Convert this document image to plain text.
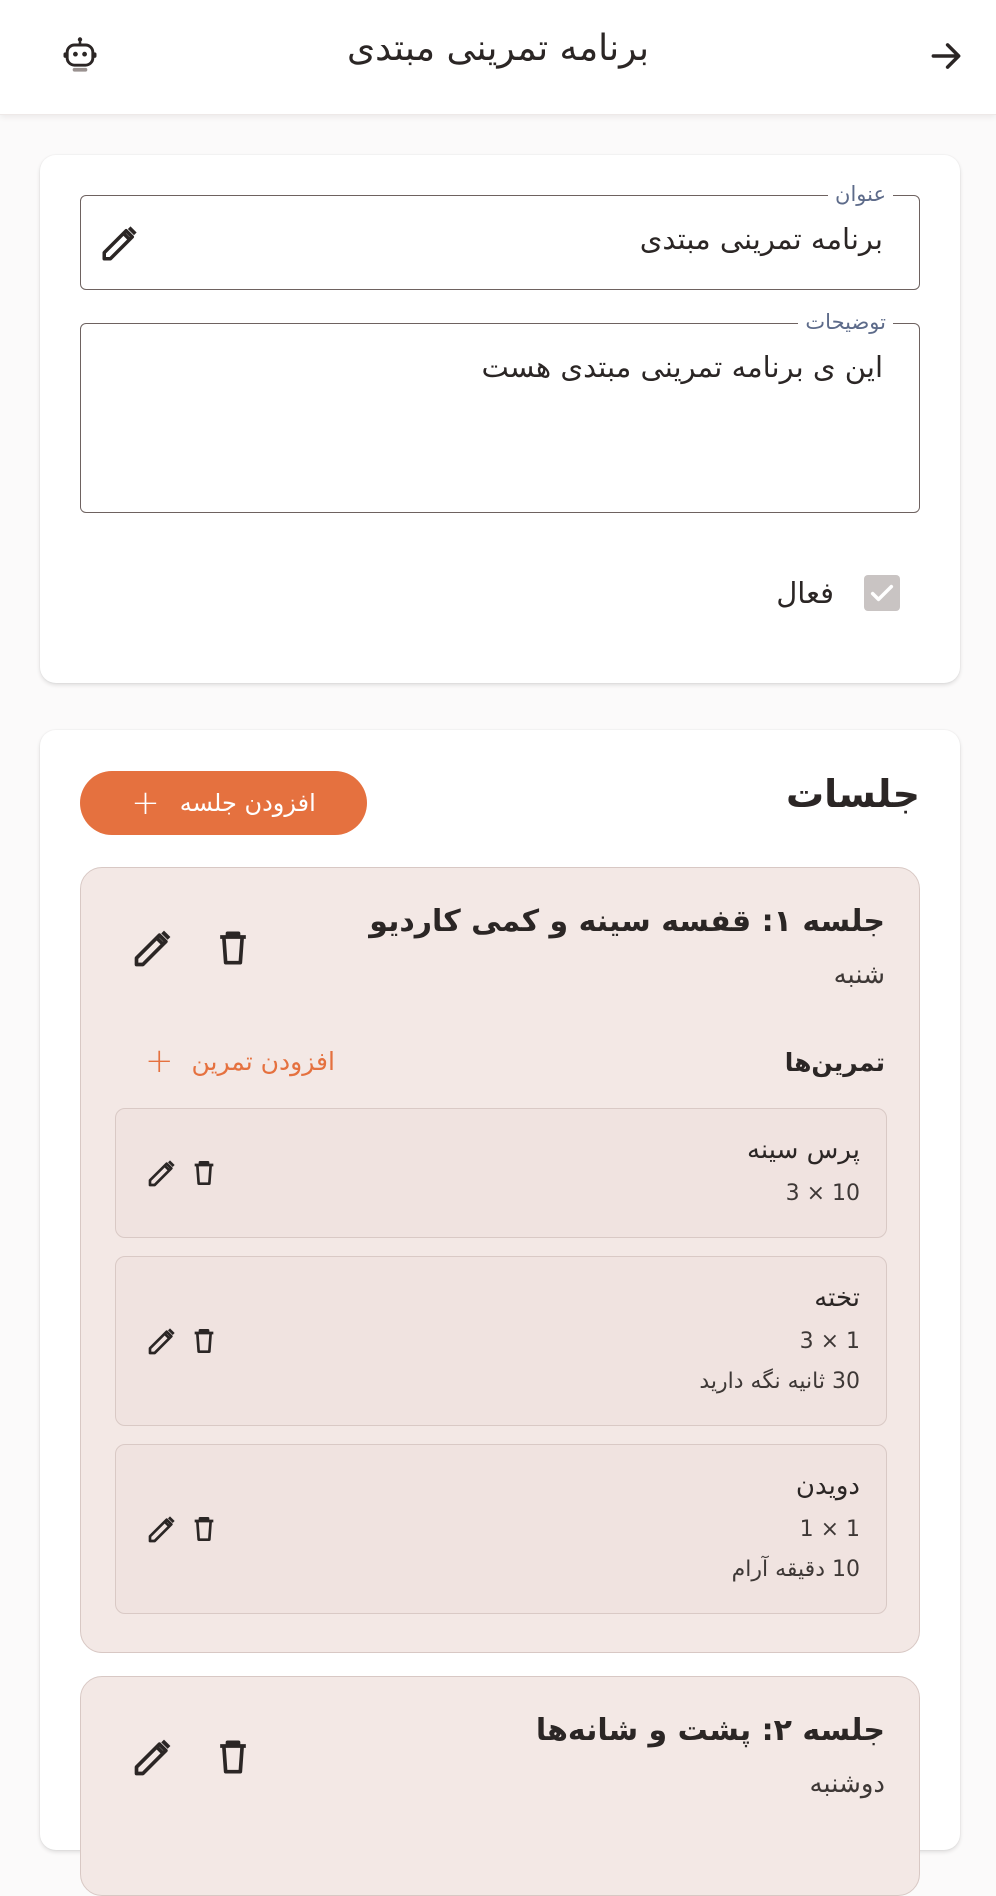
برنامه تمرینی مبتدی
عنوان
برنامه تمرینی مبتدی
توضیحات
این ی برنامه تمرینی مبتدی هست
فعال
جلسات
افزودن جلسه
+
جلسه ۱: قفسه سینه و کمی کاردیو
شنبه
تمرین‌ها
افزودن تمرین
+
پرس سینه
3 × 10
تخته
3 × 1
30 ثانیه نگه دارید
دویدن
1 × 1
10 دقیقه آرام
جلسه ۲: پشت و شانه‌ها
دوشنبه
